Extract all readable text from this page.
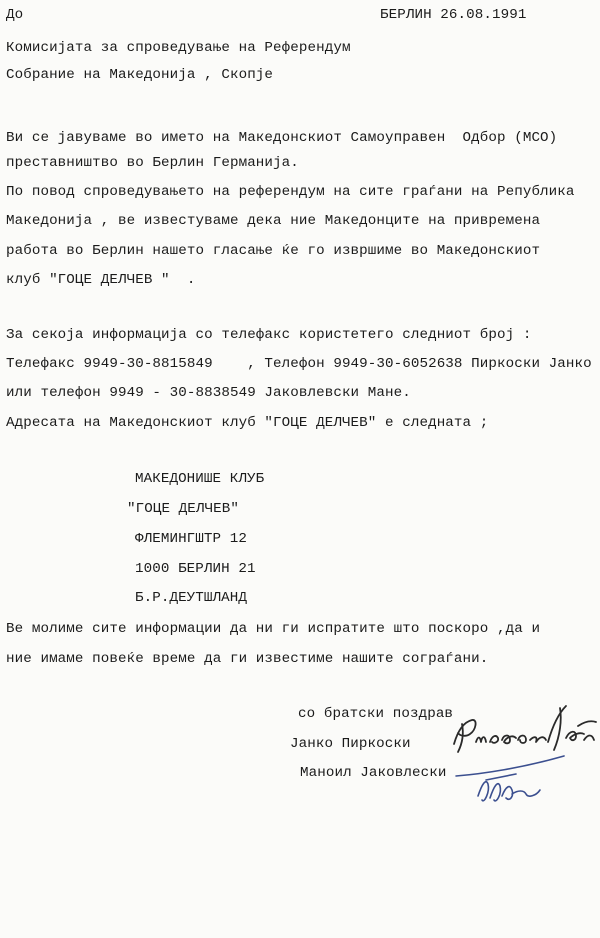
До	БЕРЛИН 26.08.1991
Комисијата за спроведување на Референдум
Собрание на Македонија , Скопје
Ви се јавуваме во името на Македонскиот Самоуправен  Одбор (МСО)
преставништво во Берлин Германија.
По повод спроведувањето на референдум на сите граѓани на Република
Македонија , ве известуваме дека ние Македонците на привремена
работа во Берлин нашето гласање ќе го извршиме во Македонскиот
клуб "ГОЦЕ ДЕЛЧЕВ "  .
За секоја информација со телефакс користетего следниот број :
Телефакс 9949-30-8815849    , Телефон 9949-30-6052638 Пиркоски Јанко
или телефон 9949 - 30-8838549 Јаковлевски Мане.
Адресата на Македонскиот клуб "ГОЦЕ ДЕЛЧЕВ" е следната ;
МАКЕДОНИШЕ КЛУБ
"ГОЦЕ ДЕЛЧЕВ"
ФЛЕМИНГШТР 12
1000 БЕРЛИН 21
Б.Р.ДЕУТШЛАНД
Ве молиме сите информации да ни ги испратите што поскоро ,да и
ние имаме повеќе време да ги известиме нашите сограѓани.
со братски поздрав
Јанко Пиркоски
Маноил Јаковлески
